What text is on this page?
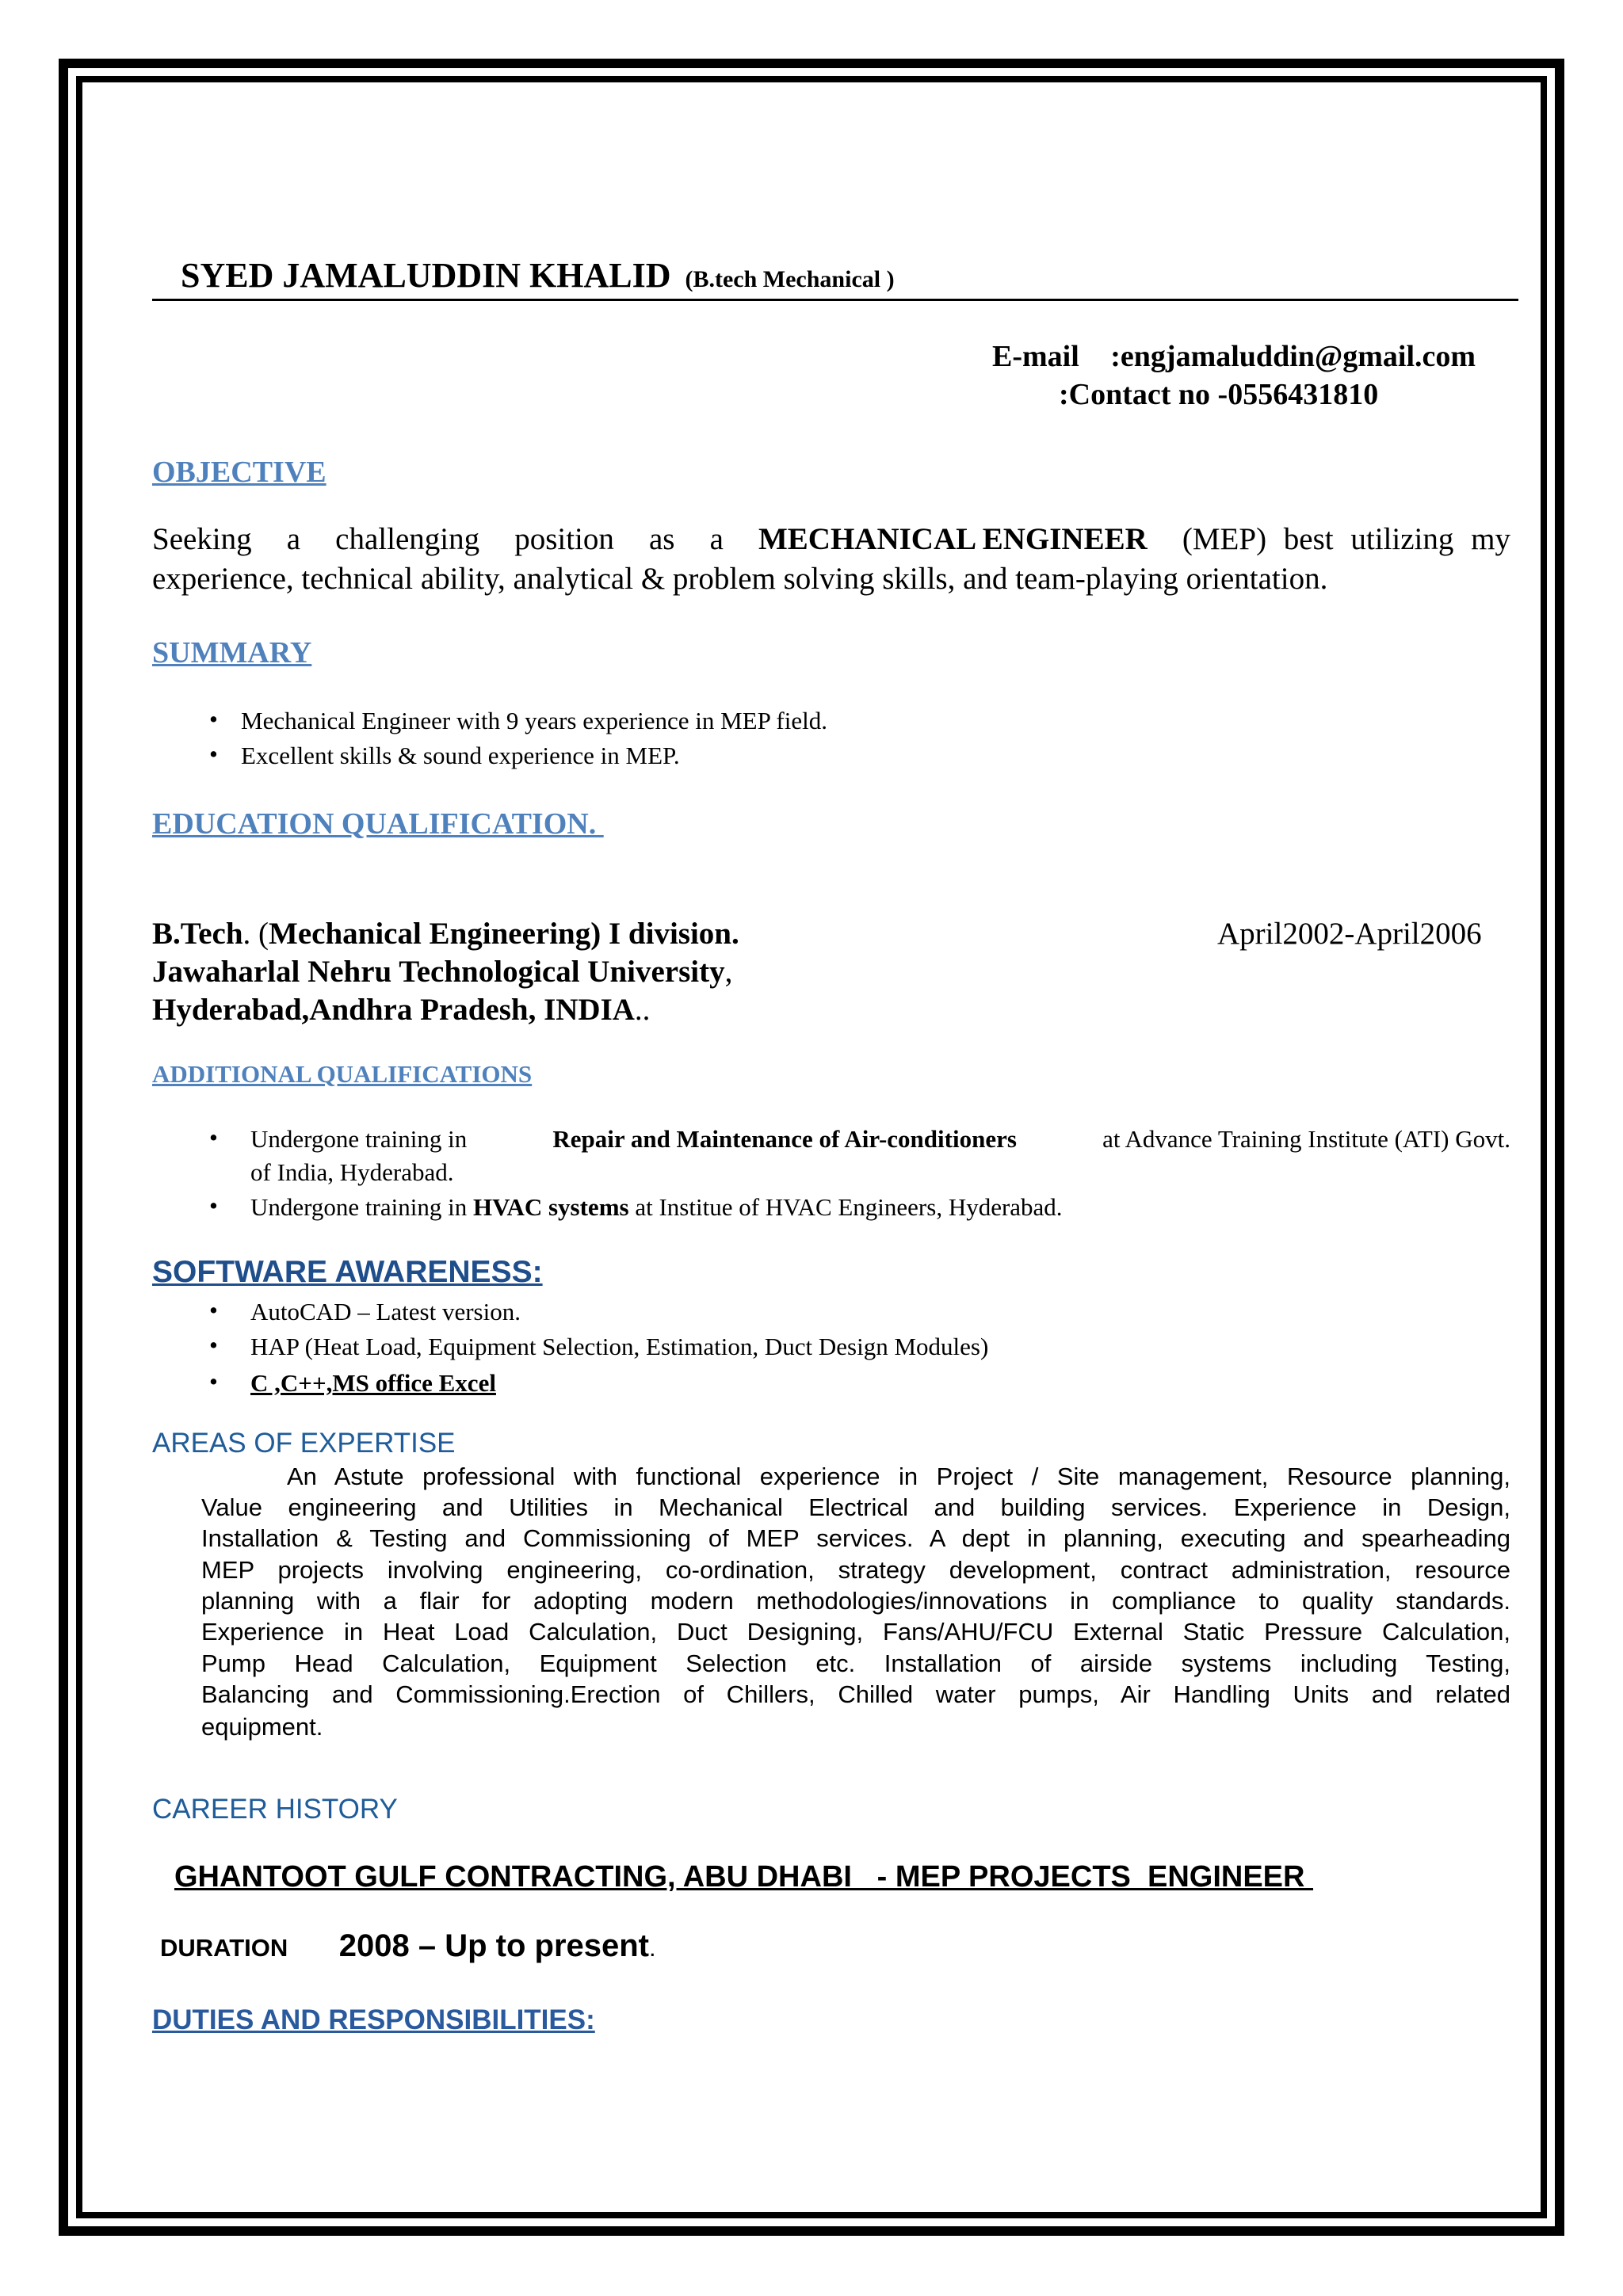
SYED JAMALUDDIN KHALID (B.tech Mechanical )
E-mail :engjamaluddin@gmail.com
:Contact no -0556431810
OBJECTIVE
Seeking a challenging position as a MECHANICAL ENGINEER (MEP) best utilizing my
experience, technical ability, analytical & problem solving skills, and team-playing orientation.
SUMMARY
• Mechanical Engineer with 9 years experience in MEP field.
• Excellent skills & sound experience in MEP.
EDUCATION QUALIFICATION.
B.Tech. (Mechanical Engineering) I division.	April2002-April2006
Jawaharlal Nehru Technological University,
Hyderabad,Andhra Pradesh, INDIA..
ADDITIONAL QUALIFICATIONS
• Undergone training in	Repair and Maintenance of Air-conditioners	at Advance Training Institute (ATI) Govt.
of India, Hyderabad.
• Undergone training in HVAC systems at Institue of HVAC Engineers, Hyderabad.
SOFTWARE AWARENESS:
• AutoCAD – Latest version.
• HAP (Heat Load, Equipment Selection, Estimation, Duct Design Modules)
• C ,C++,MS office Excel
AREAS OF EXPERTISE
An Astute professional with functional experience in Project / Site management, Resource planning,
Value engineering and Utilities in Mechanical Electrical and building services. Experience in Design,
Installation & Testing and Commissioning of MEP services. A dept in planning, executing and spearheading
MEP projects involving engineering, co-ordination, strategy development, contract administration, resource
planning with a flair for adopting modern methodologies/innovations in compliance to quality standards.
Experience in Heat Load Calculation, Duct Designing, Fans/AHU/FCU External Static Pressure Calculation,
Pump Head Calculation, Equipment Selection etc. Installation of airside systems including Testing,
Balancing and Commissioning.Erection of Chillers, Chilled water pumps, Air Handling Units and related
equipment.
CAREER HISTORY
GHANTOOT GULF CONTRACTING, ABU DHABI   - MEP PROJECTS  ENGINEER
DURATION 2008 – Up to present.
DUTIES AND RESPONSIBILITIES:
